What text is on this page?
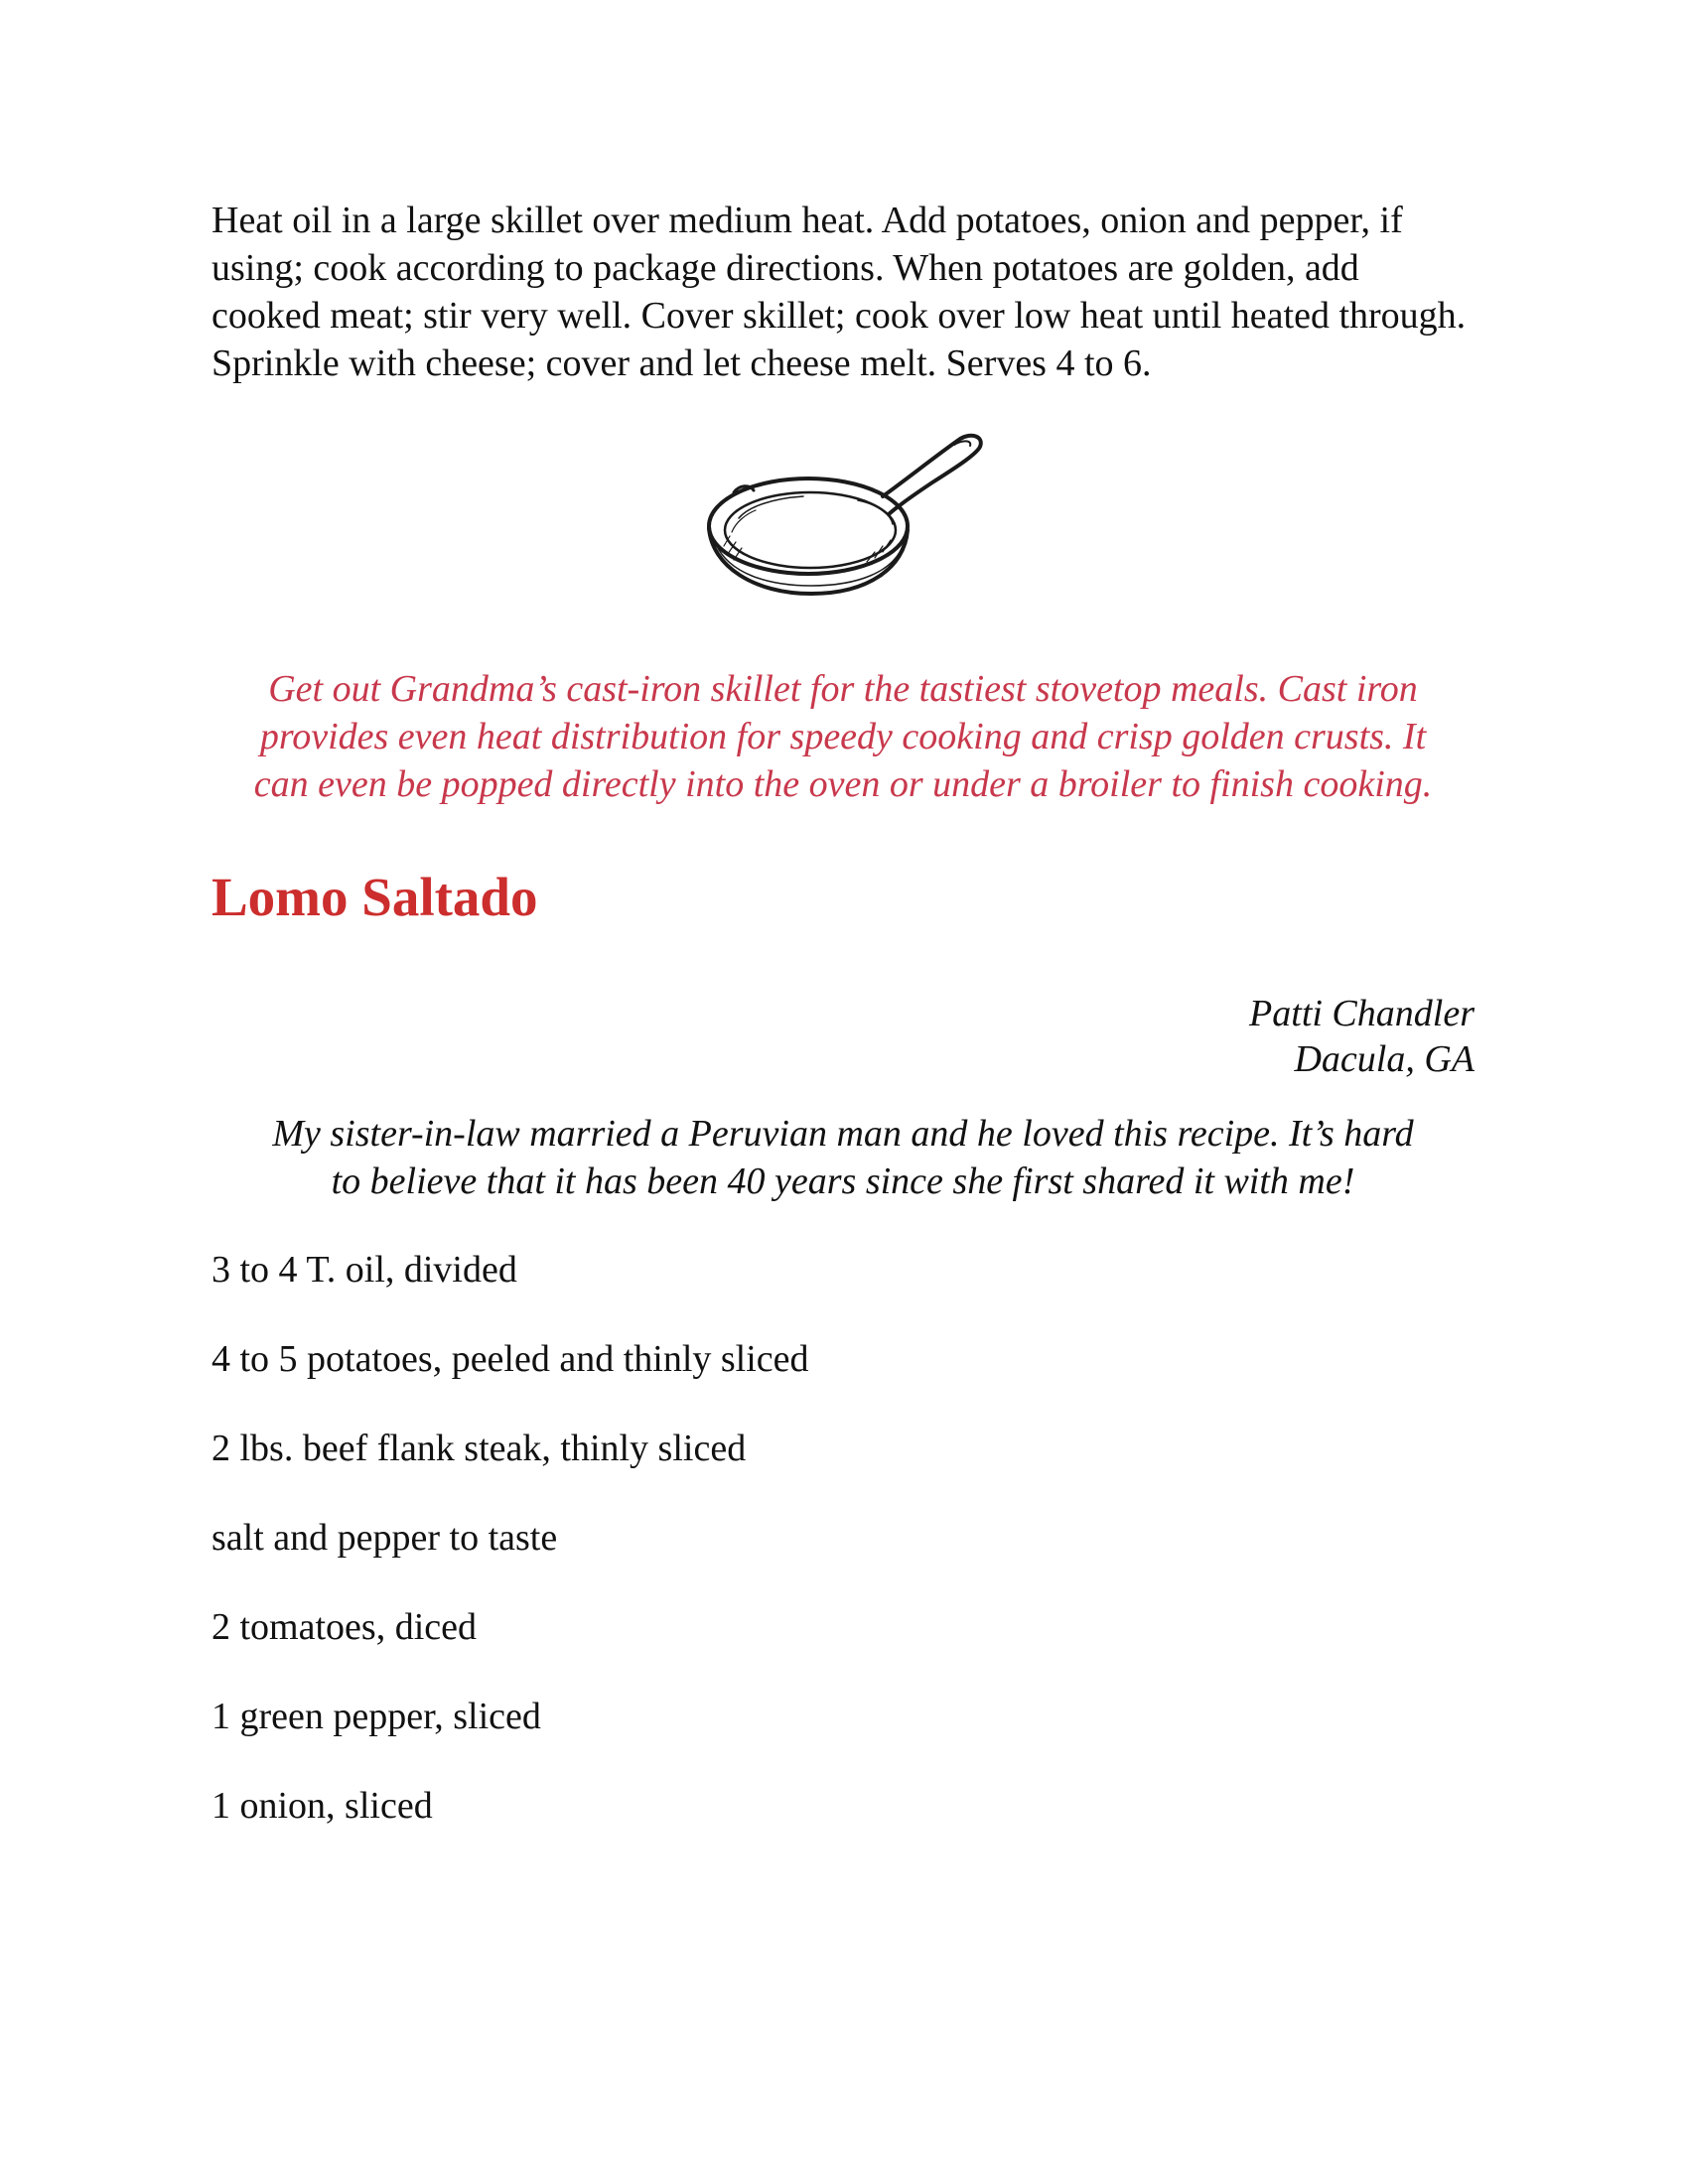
Heat oil in a large skillet over medium heat. Add potatoes, onion and pepper, if using; cook according to package directions. When potatoes are golden, add cooked meat; stir very well. Cover skillet; cook over low heat until heated through. Sprinkle with cheese; cover and let cheese melt. Serves 4 to 6.

Get out Grandma’s cast-iron skillet for the tastiest stovetop meals. Cast iron provides even heat distribution for speedy cooking and crisp golden crusts. It can even be popped directly into the oven or under a broiler to finish cooking.

Lomo Saltado
Patti Chandler
Dacula, GA

My sister-in-law married a Peruvian man and he loved this recipe. It’s hard to believe that it has been 40 years since she first shared it with me!

3 to 4 T. oil, divided
4 to 5 potatoes, peeled and thinly sliced
2 lbs. beef flank steak, thinly sliced
salt and pepper to taste
2 tomatoes, diced
1 green pepper, sliced
1 onion, sliced
